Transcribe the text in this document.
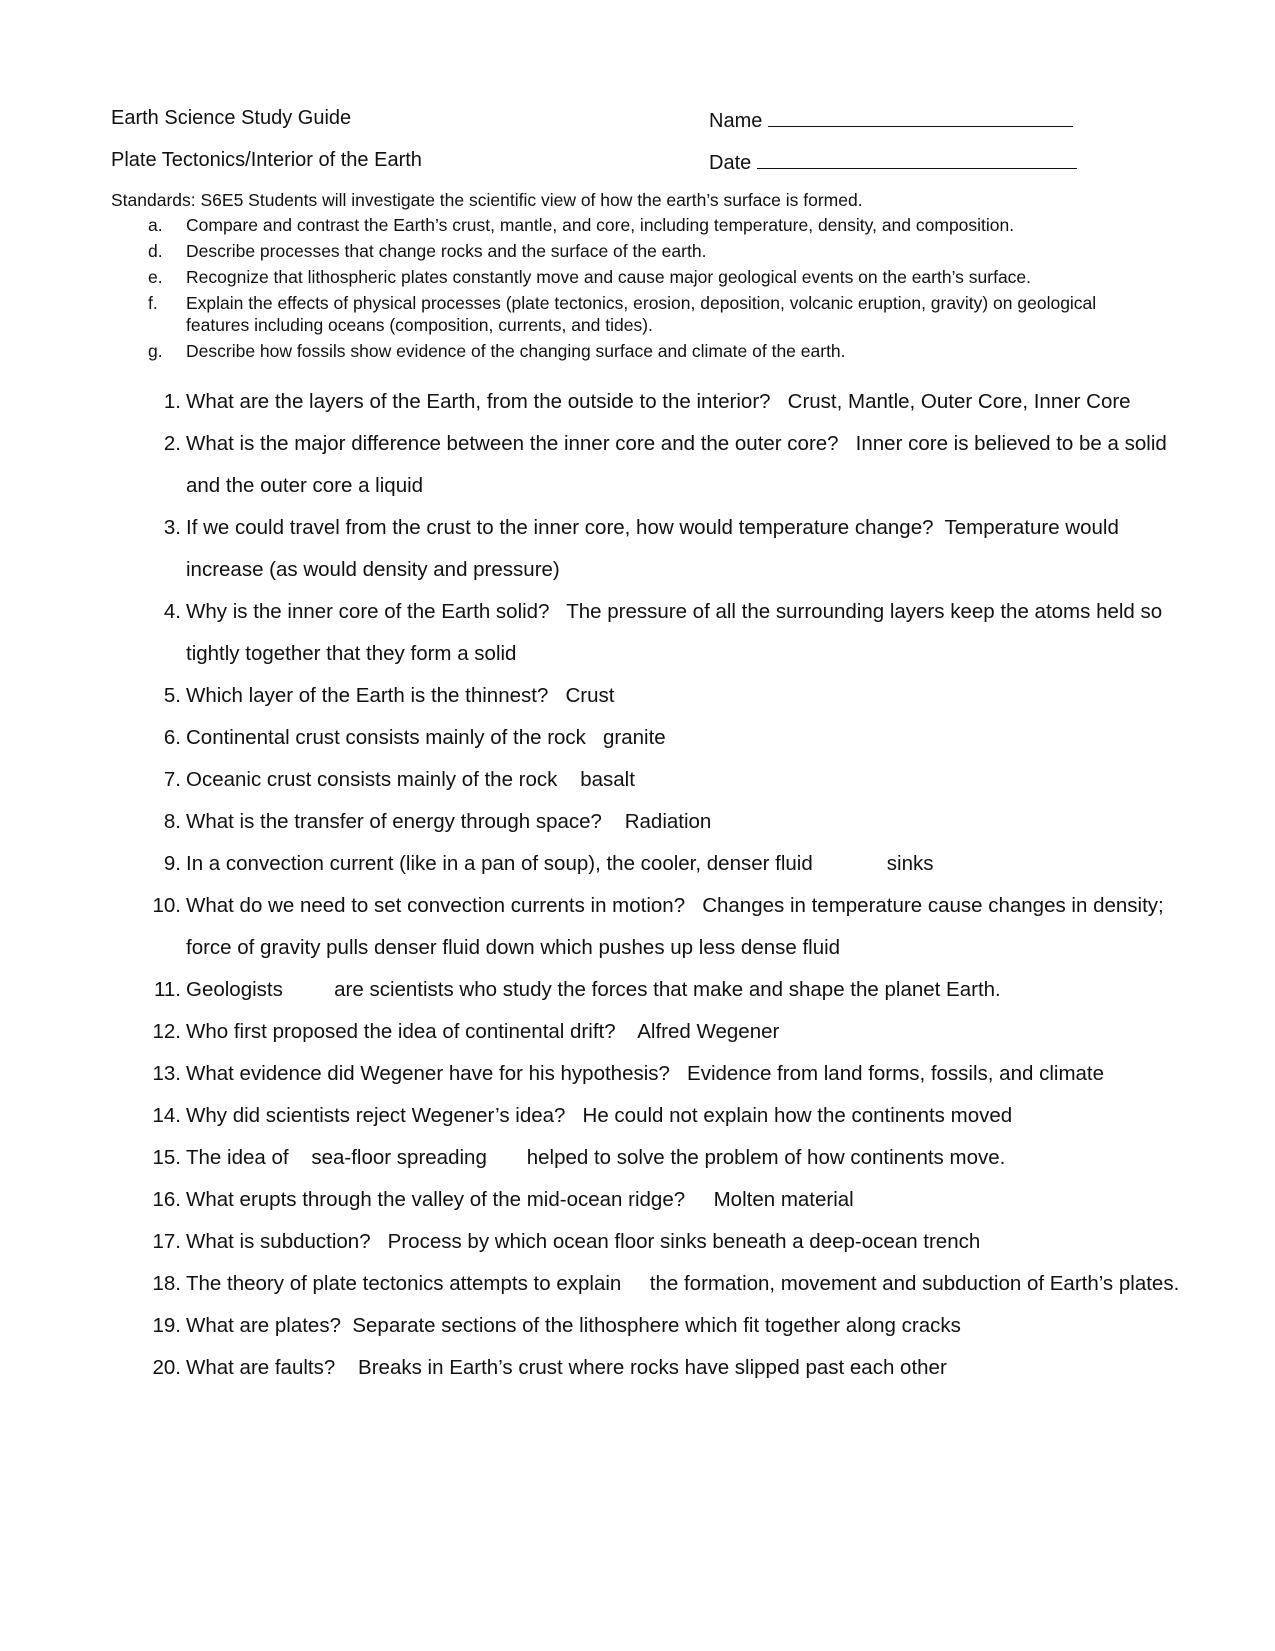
Earth Science Study Guide	Name
Plate Tectonics/Interior of the Earth	Date
Standards: S6E5 Students will investigate the scientific view of how the earth’s surface is formed.
a. Compare and contrast the Earth’s crust, mantle, and core, including temperature, density, and composition.
d. Describe processes that change rocks and the surface of the earth.
e. Recognize that lithospheric plates constantly move and cause major geological events on the earth’s surface.
f. Explain the effects of physical processes (plate tectonics, erosion, deposition, volcanic eruption, gravity) on geological features including oceans (composition, currents, and tides).
g. Describe how fossils show evidence of the changing surface and climate of the earth.
1. What are the layers of the Earth, from the outside to the interior?   Crust, Mantle, Outer Core, Inner Core
2. What is the major difference between the inner core and the outer core?   Inner core is believed to be a solid and the outer core a liquid
3. If we could travel from the crust to the inner core, how would temperature change?  Temperature would increase (as would density and pressure)
4. Why is the inner core of the Earth solid?   The pressure of all the surrounding layers keep the atoms held so tightly together that they form a solid
5. Which layer of the Earth is the thinnest?   Crust
6. Continental crust consists mainly of the rock   granite
7. Oceanic crust consists mainly of the rock    basalt
8. What is the transfer of energy through space?    Radiation
9. In a convection current (like in a pan of soup), the cooler, denser fluid             sinks
10. What do we need to set convection currents in motion?   Changes in temperature cause changes in density; force of gravity pulls denser fluid down which pushes up less dense fluid
11. Geologists         are scientists who study the forces that make and shape the planet Earth.
12. Who first proposed the idea of continental drift?    Alfred Wegener
13. What evidence did Wegener have for his hypothesis?   Evidence from land forms, fossils, and climate
14. Why did scientists reject Wegener’s idea?   He could not explain how the continents moved
15. The idea of    sea-floor spreading       helped to solve the problem of how continents move.
16. What erupts through the valley of the mid-ocean ridge?     Molten material
17. What is subduction?   Process by which ocean floor sinks beneath a deep-ocean trench
18. The theory of plate tectonics attempts to explain     the formation, movement and subduction of Earth’s plates.
19. What are plates?  Separate sections of the lithosphere which fit together along cracks
20. What are faults?    Breaks in Earth’s crust where rocks have slipped past each other
